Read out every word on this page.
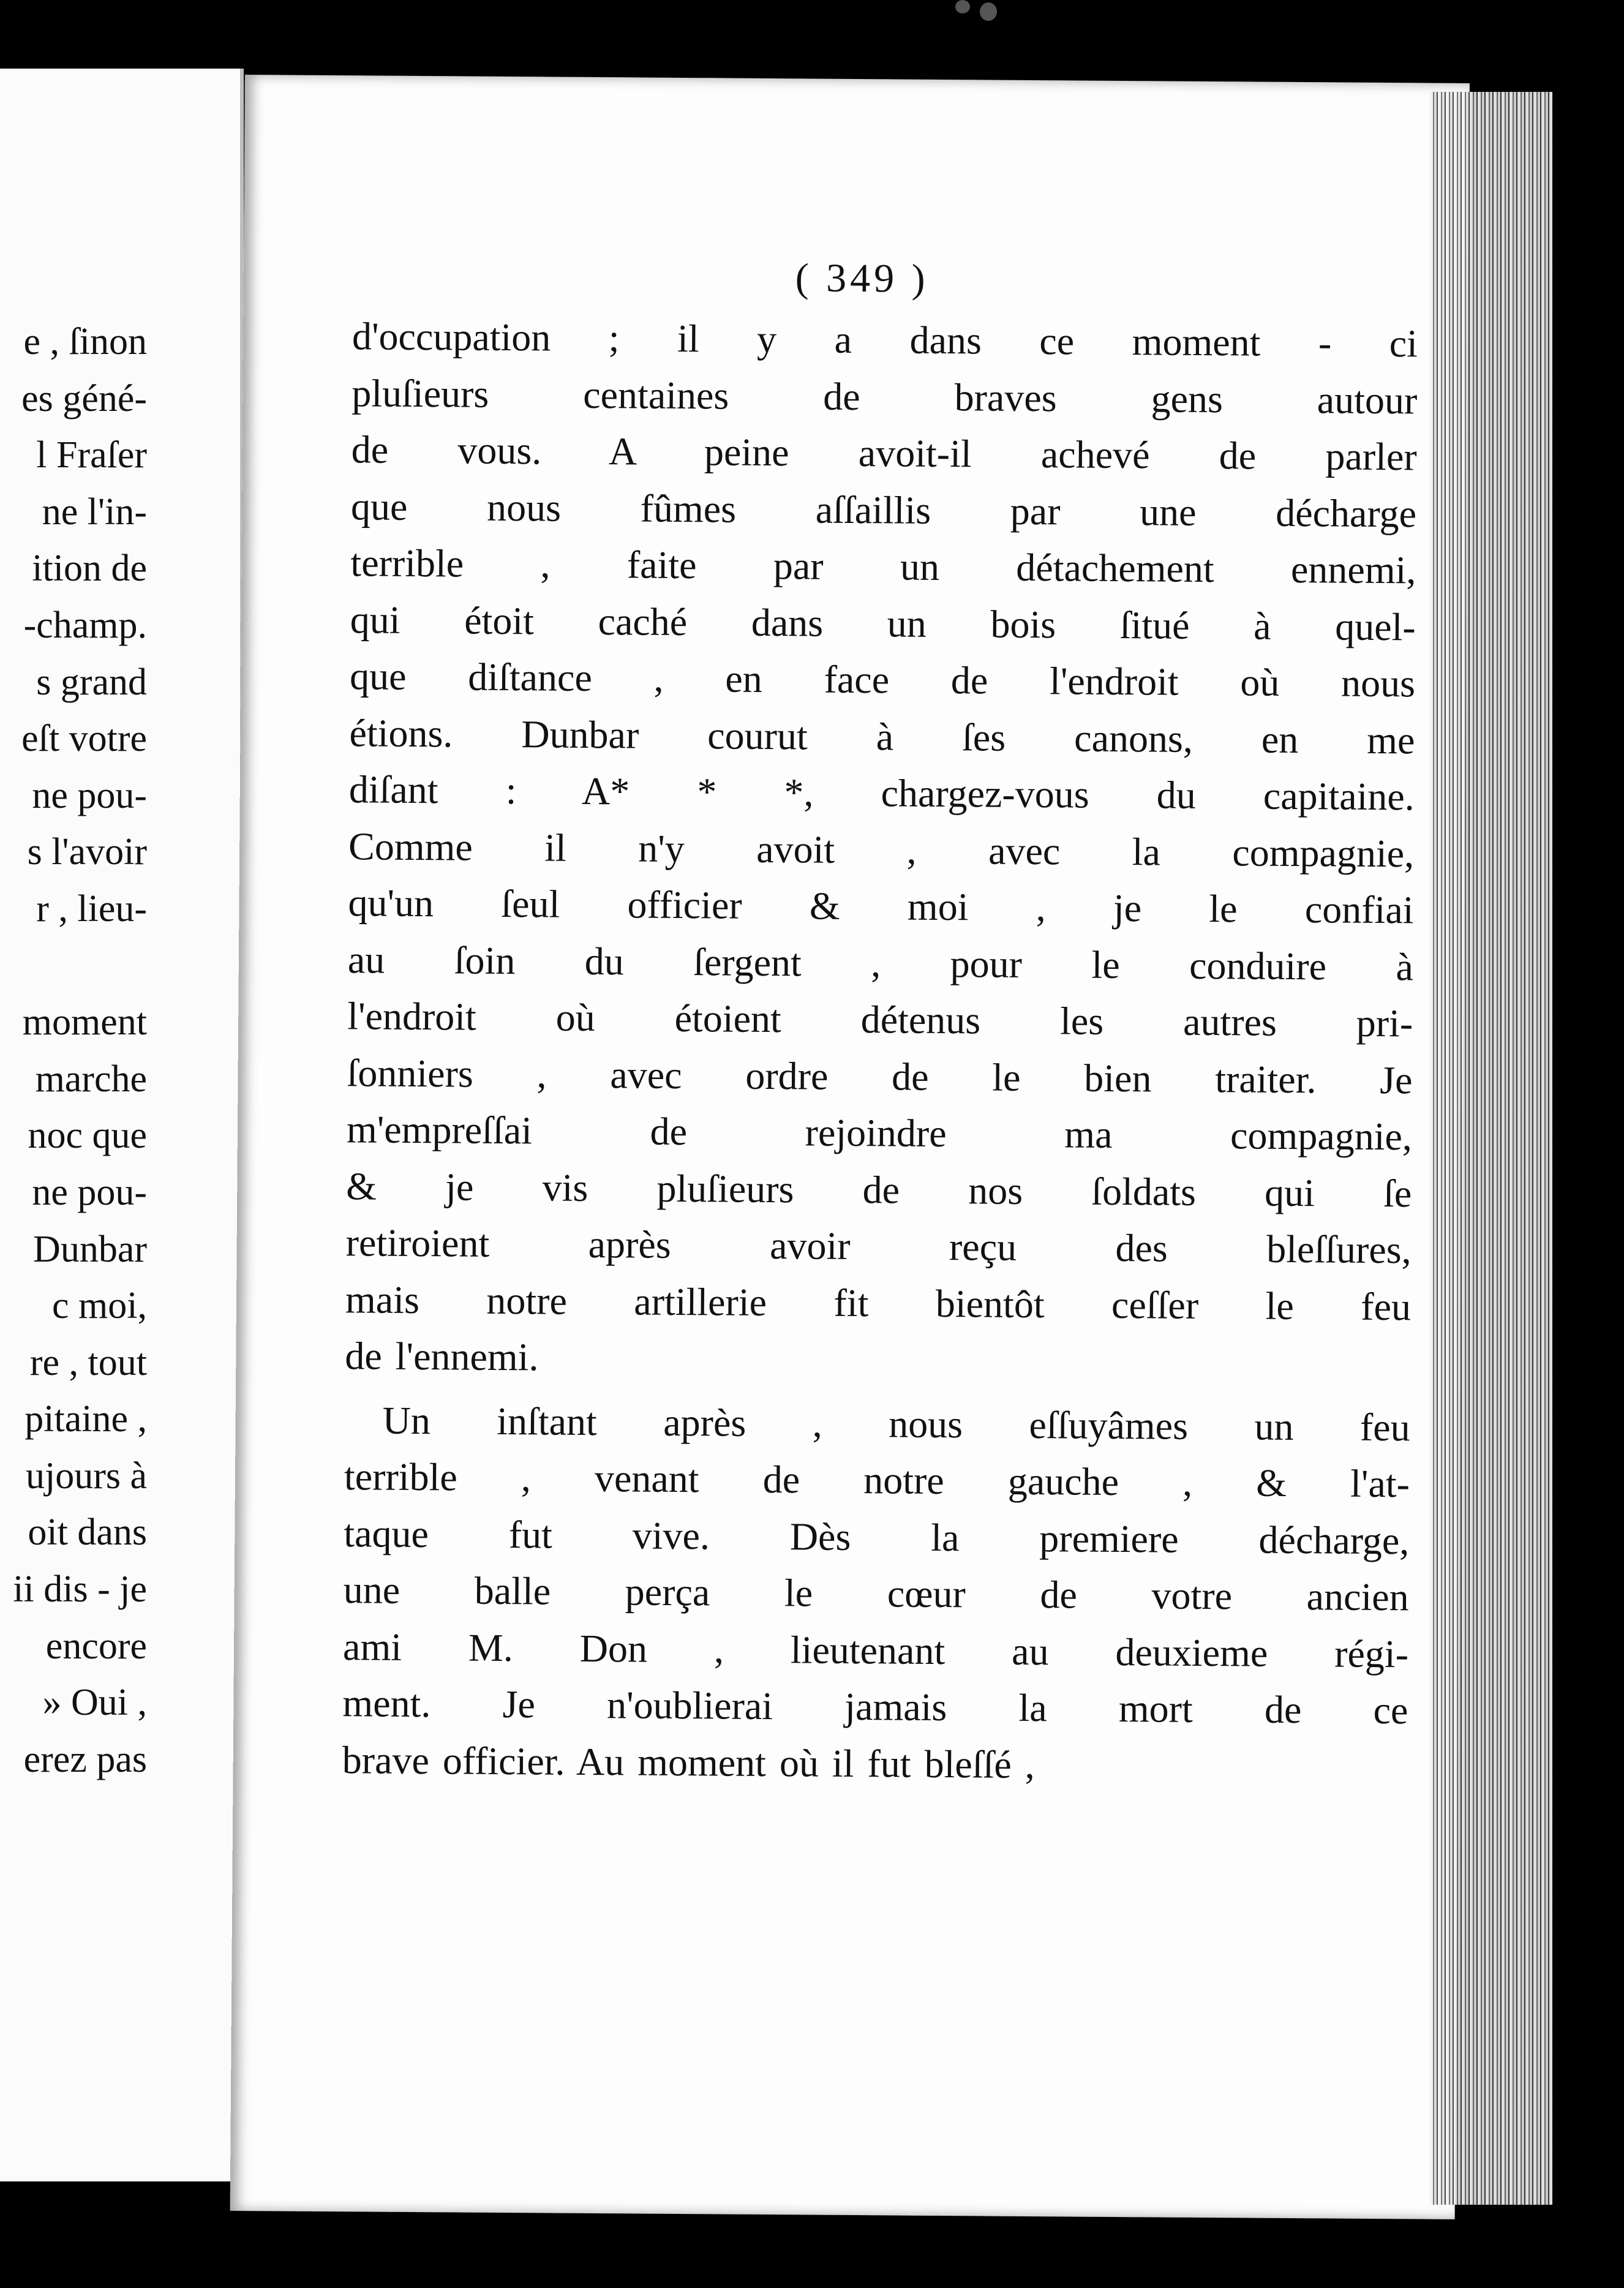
e , ſinon
es géné-
l Fraſer
ne l'in-
ition de
-champ.
s grand
eſt votre
ne pou-
s l'avoir
r , lieu-
moment
marche
noc que
ne pou-
Dunbar
c moi,
re , tout
pitaine ,
ujours à
oit dans
ii dis - je
encore
» Oui ,
erez pas
( 349 )
d'occupation ; il y a dans ce moment - ci
pluſieurs centaines de braves gens autour
de vous. A peine avoit-il achevé de parler
que nous fûmes aſſaillis par une décharge
terrible , faite par un détachement ennemi,
qui étoit caché dans un bois ſitué à quel-
que diſtance , en face de l'endroit où nous
étions. Dunbar courut à ſes canons, en me
diſant : A* * *, chargez-vous du capitaine.
Comme il n'y avoit , avec la compagnie,
qu'un ſeul officier & moi , je le confiai
au ſoin du ſergent , pour le conduire à
l'endroit où étoient détenus les autres pri-
ſonniers , avec ordre de le bien traiter. Je
m'empreſſai de rejoindre ma compagnie,
& je vis pluſieurs de nos ſoldats qui ſe
retiroient après avoir reçu des bleſſures,
mais notre artillerie fit bientôt ceſſer le feu
de l'ennemi.
Un inſtant après , nous eſſuyâmes un feu
terrible , venant de notre gauche , & l'at-
taque fut vive. Dès la premiere décharge,
une balle perça le cœur de votre ancien
ami M. Don , lieutenant au deuxieme régi-
ment. Je n'oublierai jamais la mort de ce
brave officier. Au moment où il fut bleſſé ,
